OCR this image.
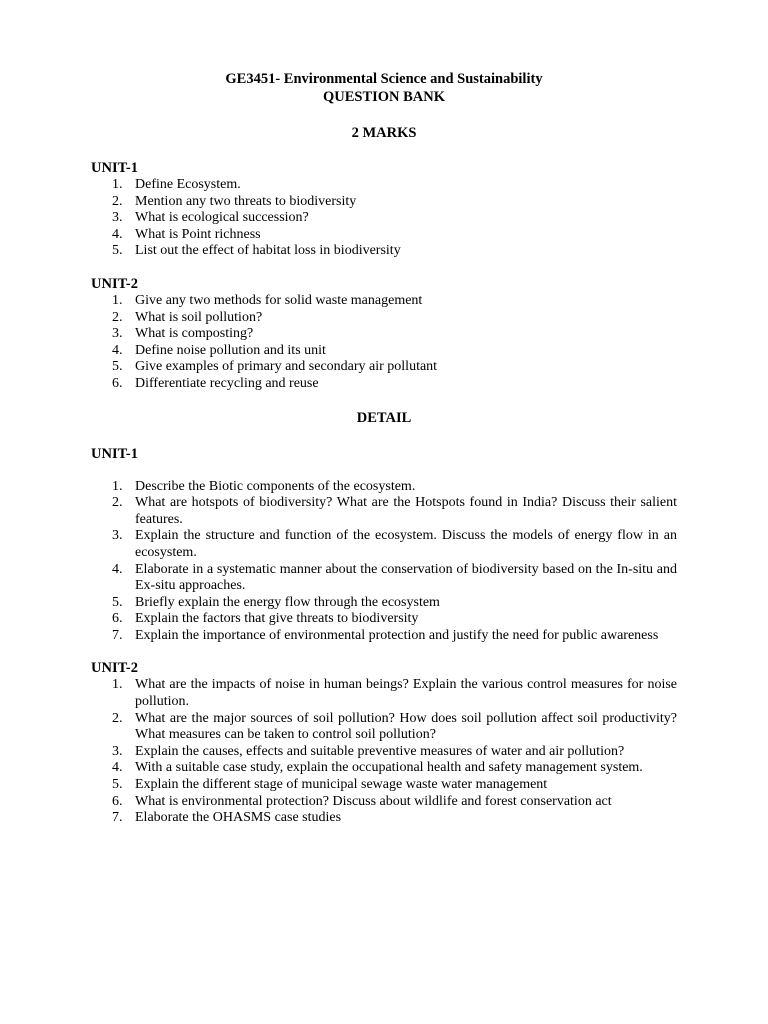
GE3451- Environmental Science and Sustainability
QUESTION BANK
2 MARKS
UNIT-1
1. Define Ecosystem.
2. Mention any two threats to biodiversity
3. What is ecological succession?
4. What is Point richness
5. List out the effect of habitat loss in biodiversity
UNIT-2
1. Give any two methods for solid waste management
2. What is soil pollution?
3. What is composting?
4. Define noise pollution and its unit
5. Give examples of primary and secondary air pollutant
6. Differentiate recycling and reuse
DETAIL
UNIT-1
1. Describe the Biotic components of the ecosystem.
2. What are hotspots of biodiversity? What are the Hotspots found in India? Discuss their salient features.
3. Explain the structure and function of the ecosystem. Discuss the models of energy flow in an ecosystem.
4. Elaborate in a systematic manner about the conservation of biodiversity based on the In-situ and Ex-situ approaches.
5. Briefly explain the energy flow through the ecosystem
6. Explain the factors that give threats to biodiversity
7. Explain the importance of environmental protection and justify the need for public awareness
UNIT-2
1. What are the impacts of noise in human beings? Explain the various control measures for noise pollution.
2. What are the major sources of soil pollution? How does soil pollution affect soil productivity? What measures can be taken to control soil pollution?
3. Explain the causes, effects and suitable preventive measures of water and air pollution?
4. With a suitable case study, explain the occupational health and safety management system.
5. Explain the different stage of municipal sewage waste water management
6. What is environmental protection? Discuss about wildlife and forest conservation act
7. Elaborate the OHASMS case studies
